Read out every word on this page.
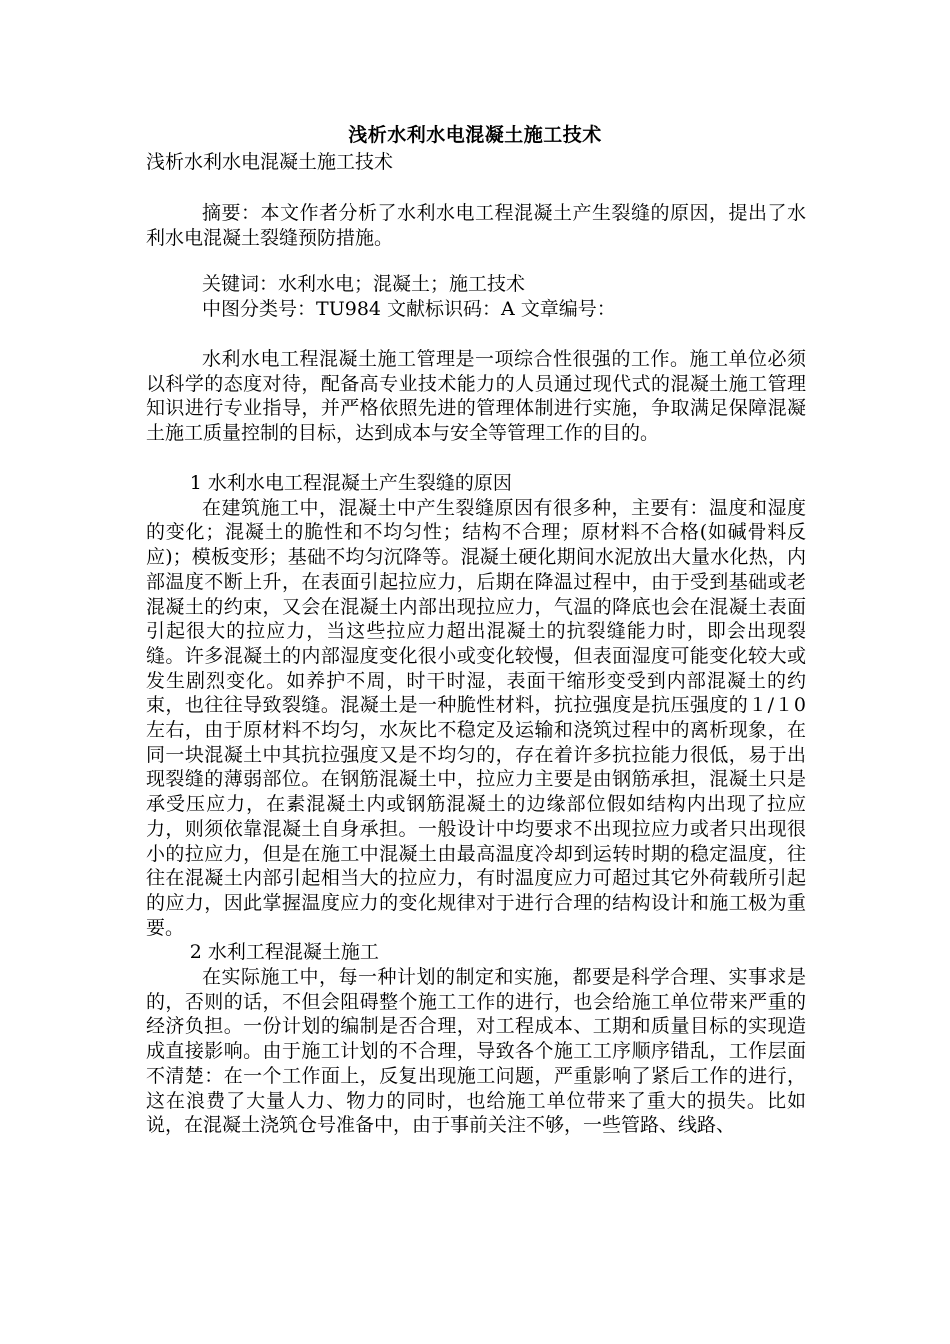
浅析水利水电混凝土施工技术
浅析水利水电混凝土施工技术
摘要：本文作者分析了水利水电工程混凝土产生裂缝的原因，提出了水利水电混凝土裂缝预防措施。
关键词：水利水电；混凝土；施工技术
中图分类号：TU984 文献标识码：A 文章编号：
水利水电工程混凝土施工管理是一项综合性很强的工作。施工单位必须以科学的态度对待，配备高专业技术能力的人员通过现代式的混凝土施工管理知识进行专业指导，并严格依照先进的管理体制进行实施，争取满足保障混凝土施工质量控制的目标，达到成本与安全等管理工作的目的。
1 水利水电工程混凝土产生裂缝的原因
在建筑施工中，混凝土中产生裂缝原因有很多种，主要有：温度和湿度的变化；混凝土的脆性和不均匀性；结构不合理；原材料不合格(如碱骨料反应)；模板变形；基础不均匀沉降等。混凝土硬化期间水泥放出大量水化热，内部温度不断上升，在表面引起拉应力，后期在降温过程中，由于受到基础或老混凝土的约束，又会在混凝土内部出现拉应力，气温的降底也会在混凝土表面引起很大的拉应力，当这些拉应力超出混凝土的抗裂缝能力时，即会出现裂缝。许多混凝土的内部湿度变化很小或变化较慢，但表面湿度可能变化较大或发生剧烈变化。如养护不周，时干时湿，表面干缩形变受到内部混凝土的约束，也往往导致裂缝。混凝土是一种脆性材料，抗拉强度是抗压强度的１/１0左右，由于原材料不均匀，水灰比不稳定及运输和浇筑过程中的离析现象，在同一块混凝土中其抗拉强度又是不均匀的，存在着许多抗拉能力很低，易于出现裂缝的薄弱部位。在钢筋混凝土中，拉应力主要是由钢筋承担，混凝土只是承受压应力，在素混凝土内或钢筋混凝土的边缘部位假如结构内出现了拉应力，则须依靠混凝土自身承担。一般设计中均要求不出现拉应力或者只出现很小的拉应力，但是在施工中混凝土由最高温度冷却到运转时期的稳定温度，往往在混凝土内部引起相当大的拉应力，有时温度应力可超过其它外荷载所引起的应力，因此掌握温度应力的变化规律对于进行合理的结构设计和施工极为重要。
2 水利工程混凝土施工
在实际施工中，每一种计划的制定和实施，都要是科学合理、实事求是的，否则的话，不但会阻碍整个施工工作的进行，也会给施工单位带来严重的经济负担。一份计划的编制是否合理，对工程成本、工期和质量目标的实现造成直接影响。由于施工计划的不合理，导致各个施工工序顺序错乱，工作层面不清楚：在一个工作面上，反复出现施工问题，严重影响了紧后工作的进行，这在浪费了大量人力、物力的同时，也给施工单位带来了重大的损失。比如说，在混凝土浇筑仓号准备中，由于事前关注不够，一些管路、线路、
